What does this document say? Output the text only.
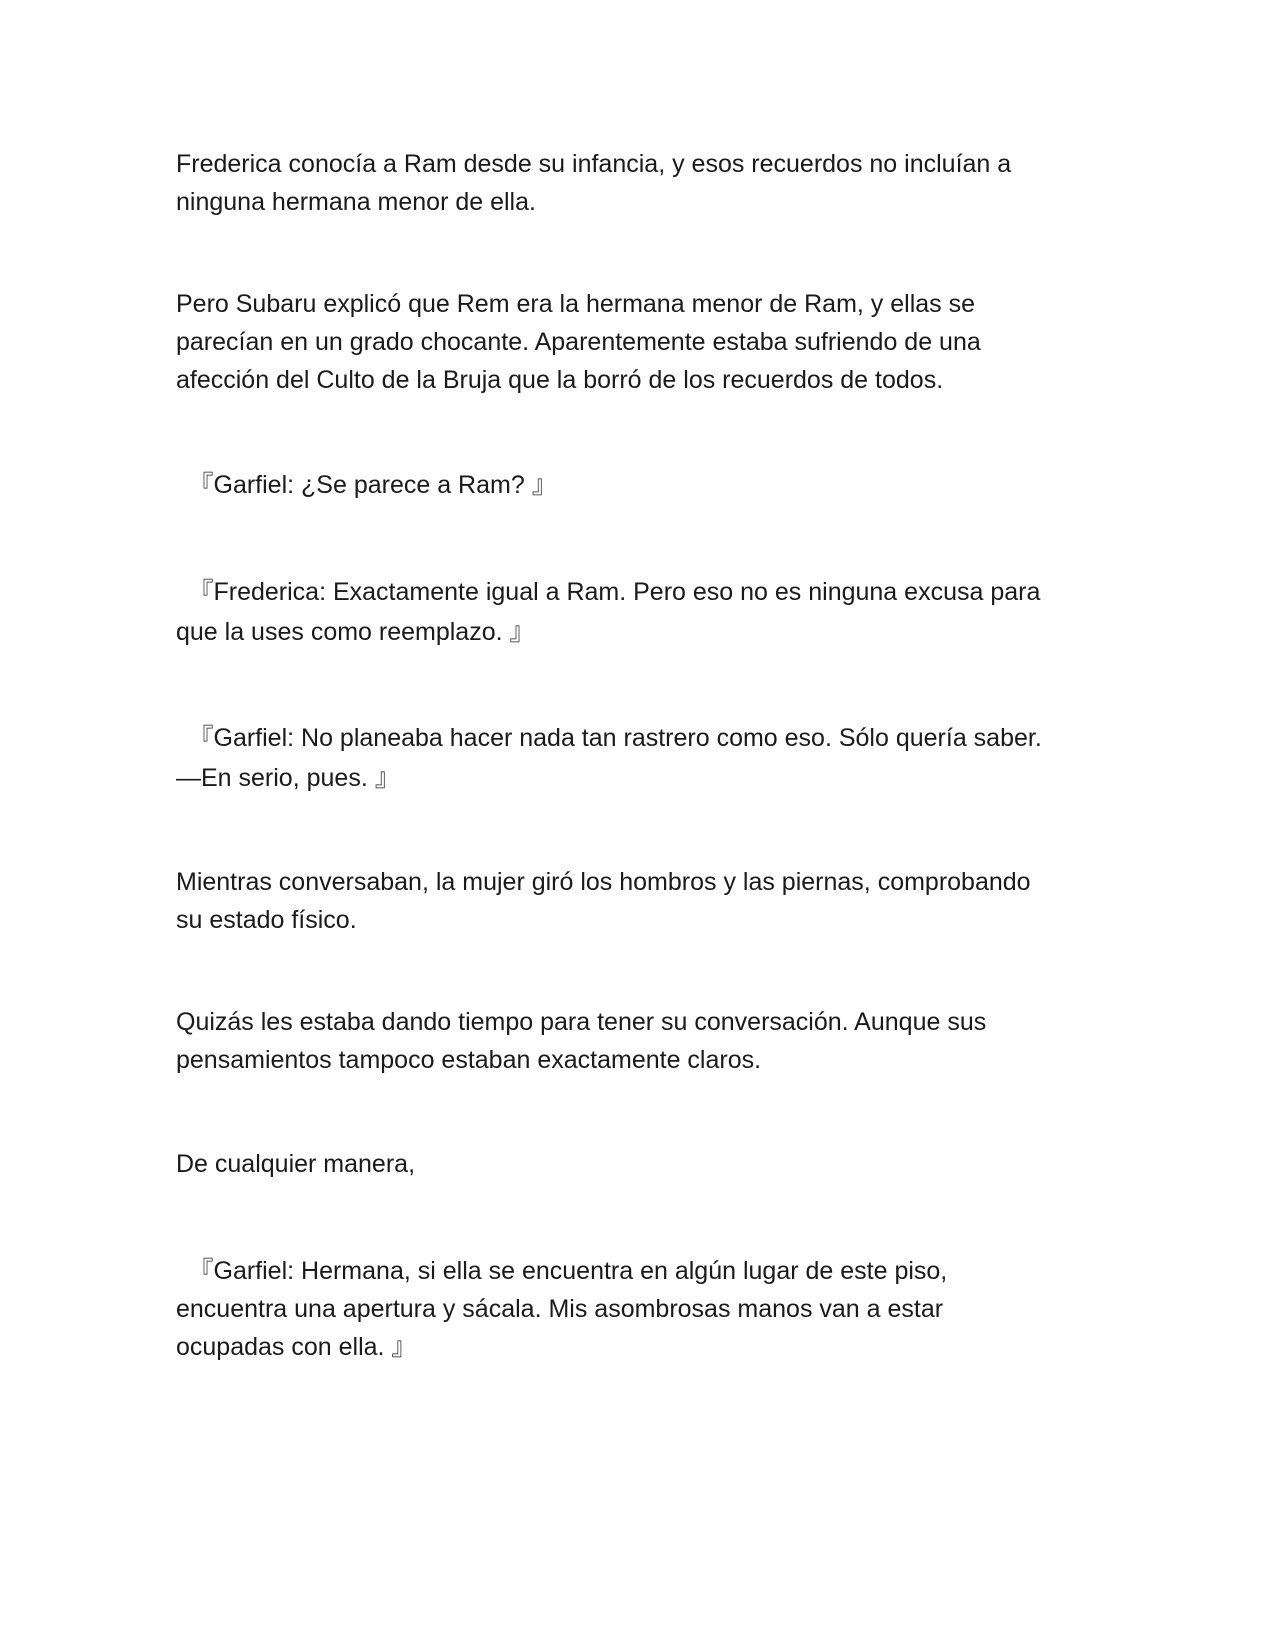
Frederica conocía a Ram desde su infancia, y esos recuerdos no incluían a
ninguna hermana menor de ella.

Pero Subaru explicó que Rem era la hermana menor de Ram, y ellas se
parecían en un grado chocante. Aparentemente estaba sufriendo de una
afección del Culto de la Bruja que la borró de los recuerdos de todos.

　『Garfiel: ¿Se parece a Ram? 』

　『Frederica: Exactamente igual a Ram. Pero eso no es ninguna excusa para
que la uses como reemplazo. 』

　『Garfiel: No planeaba hacer nada tan rastrero como eso. Sólo quería saber.
—En serio, pues. 』

Mientras conversaban, la mujer giró los hombros y las piernas, comprobando
su estado físico.

Quizás les estaba dando tiempo para tener su conversación. Aunque sus
pensamientos tampoco estaban exactamente claros.

De cualquier manera,

　『Garfiel: Hermana, si ella se encuentra en algún lugar de este piso,
encuentra una apertura y sácala. Mis asombrosas manos van a estar
ocupadas con ella. 』
